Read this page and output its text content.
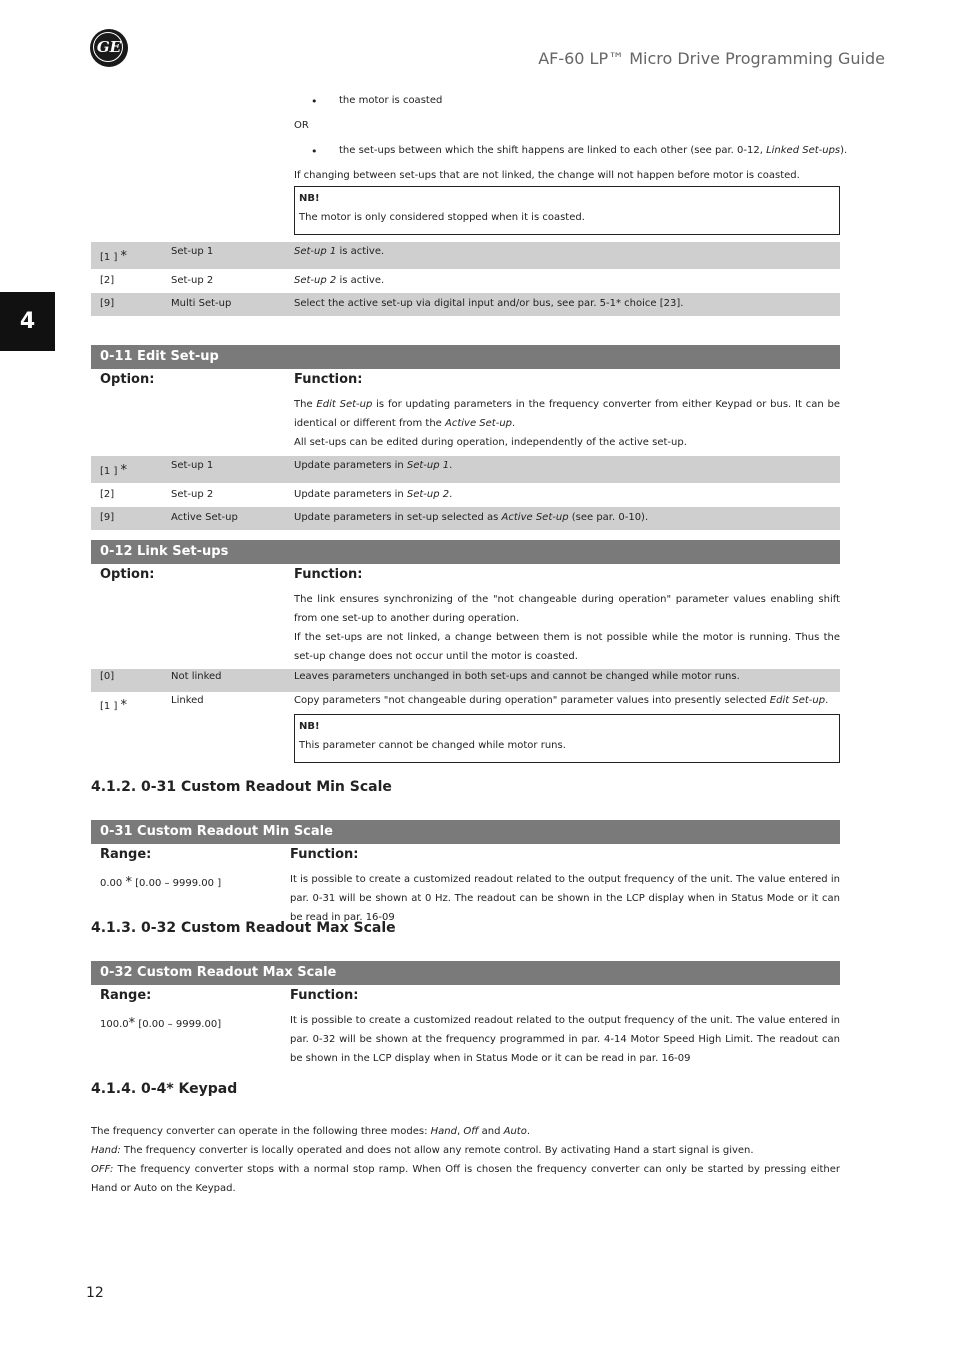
GE
AF-60 LP™ Micro Drive Programming Guide
4
• the motor is coasted
OR
• the set-ups between which the shift happens are linked to each other (see par. 0-12, Linked Set-ups).
If changing between set-ups that are not linked, the change will not happen before motor is coasted.
NB!
The motor is only considered stopped when it is coasted.
[1 ] *	Set-up 1	Set-up 1 is active.
[2]	Set-up 2	Set-up 2 is active.
[9]	Multi Set-up	Select the active set-up via digital input and/or bus, see par. 5-1* choice [23].
0-11 Edit Set-up
Option:	Function:
The Edit Set-up is for updating parameters in the frequency converter from either Keypad or bus. It can be identical or different from the Active Set-up.
All set-ups can be edited during operation, independently of the active set-up.
[1 ] *	Set-up 1	Update parameters in Set-up 1.
[2]	Set-up 2	Update parameters in Set-up 2.
[9]	Active Set-up	Update parameters in set-up selected as Active Set-up (see par. 0-10).
0-12 Link Set-ups
Option:	Function:
The link ensures synchronizing of the "not changeable during operation" parameter values enabling shift from one set-up to another during operation.
If the set-ups are not linked, a change between them is not possible while the motor is running. Thus the set-up change does not occur until the motor is coasted.
[0]	Not linked	Leaves parameters unchanged in both set-ups and cannot be changed while motor runs.
[1 ] *	Linked	Copy parameters "not changeable during operation" parameter values into presently selected Edit Set-up.
NB!
This parameter cannot be changed while motor runs.
4.1.2. 0-31 Custom Readout Min Scale
0-31 Custom Readout Min Scale
Range:	Function:
0.00 * [0.00 – 9999.00 ]	It is possible to create a customized readout related to the output frequency of the unit. The value entered in par. 0-31 will be shown at 0 Hz. The readout can be shown in the LCP display when in Status Mode or it can be read in par. 16-09
4.1.3. 0-32 Custom Readout Max Scale
0-32 Custom Readout Max Scale
Range:	Function:
100.0* [0.00 – 9999.00]	It is possible to create a customized readout related to the output frequency of the unit. The value entered in par. 0-32 will be shown at the frequency programmed in par. 4-14 Motor Speed High Limit. The readout can be shown in the LCP display when in Status Mode or it can be read in par. 16-09
4.1.4. 0-4* Keypad
The frequency converter can operate in the following three modes: Hand, Off and Auto.
Hand: The frequency converter is locally operated and does not allow any remote control. By activating Hand a start signal is given.
OFF: The frequency converter stops with a normal stop ramp. When Off is chosen the frequency converter can only be started by pressing either Hand or Auto on the Keypad.
12
